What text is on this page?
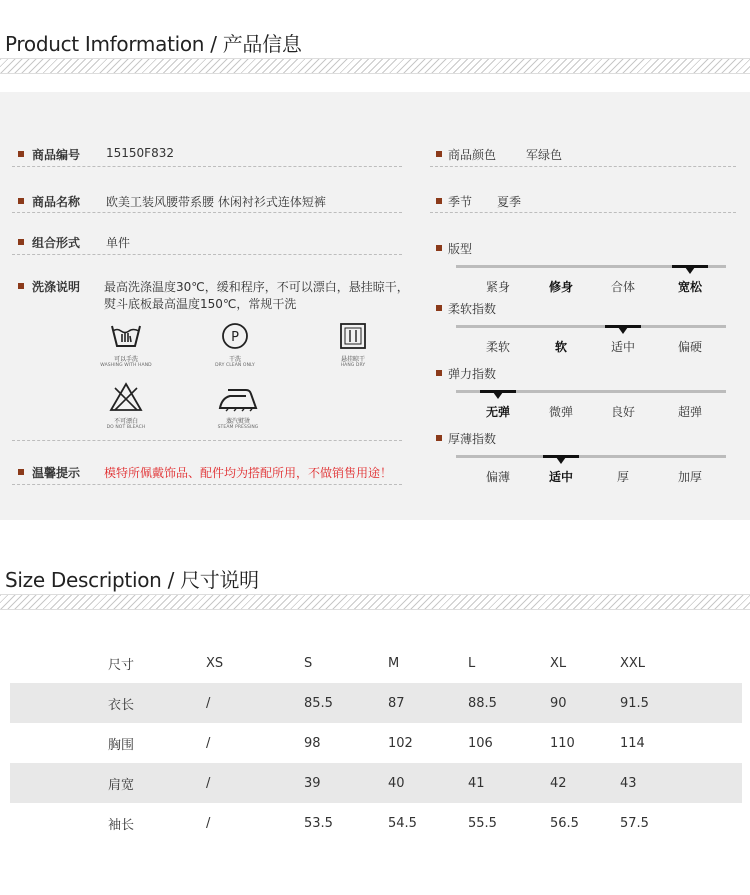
Product Imformation / 产品信息
商品编号 15150F832
商品名称 欧美工装风腰带系腰 休闲衬衫式连体短裤
组合形式 单件
洗涤说明 最高洗涤温度30℃，缓和程序，不可以漂白，悬挂晾干，
熨斗底板最高温度150℃，常规干洗
可以手洗
WASHING WITH HAND
P
干洗
DRY CLEAN ONLY
悬挂晾干
HANG DRY
不可漂白
DO NOT BLEACH
蒸汽熨烫
STEAM PRESSING
温馨提示 模特所佩戴饰品、配件均为搭配所用，不做销售用途！
商品颜色 军绿色
季节 夏季
版型
紧身	修身	合体	宽松
柔软指数
柔软	软	适中	偏硬
弹力指数
无弹	微弹	良好	超弹
厚薄指数
偏薄	适中	厚	加厚
Size Description / 尺寸说明
尺寸	XS	S	M	L	XL	XXL
衣长	/	85.5	87	88.5	90	91.5
胸围	/	98	102	106	110	114
肩宽	/	39	40	41	42	43
袖长	/	53.5	54.5	55.5	56.5	57.5
